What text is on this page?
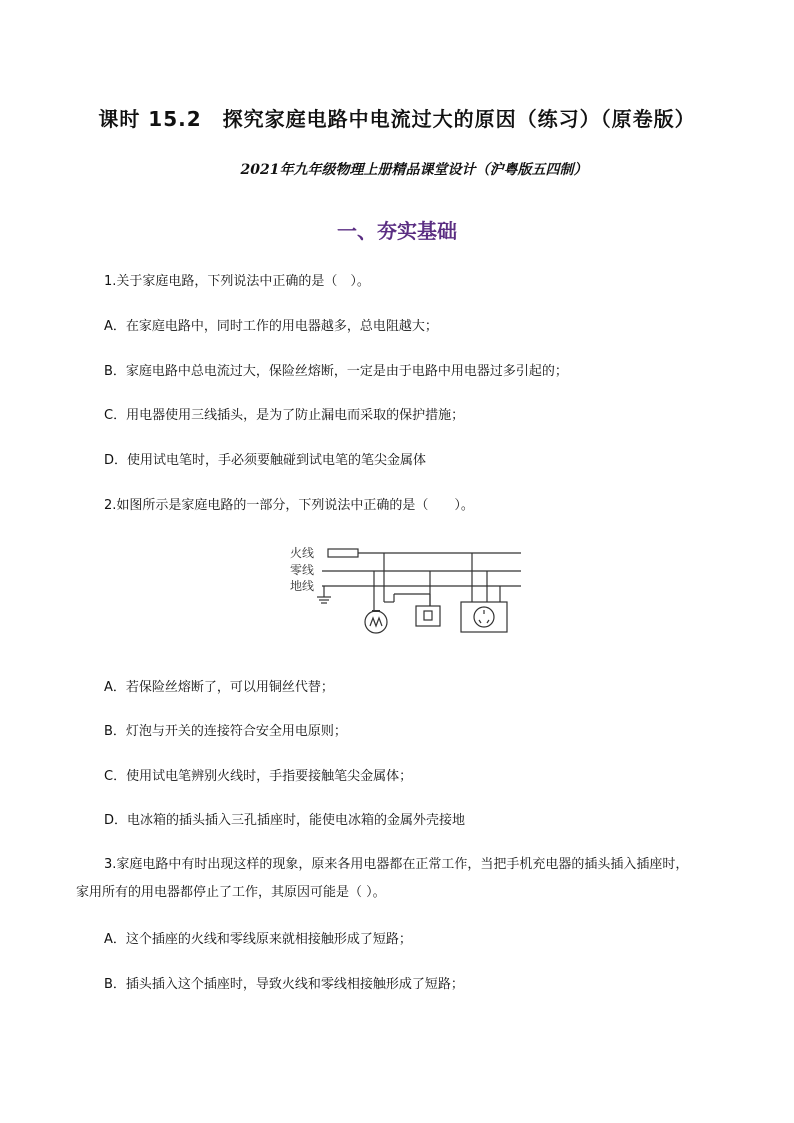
课时 15.2　探究家庭电路中电流过大的原因（练习）（原卷版）
2021年九年级物理上册精品课堂设计（沪粤版五四制）
一、夯实基础
1.关于家庭电路，下列说法中正确的是（　）。
A．在家庭电路中，同时工作的用电器越多，总电阻越大；
B．家庭电路中总电流过大，保险丝熔断，一定是由于电路中用电器过多引起的；
C．用电器使用三线插头，是为了防止漏电而采取的保护措施；
D．使用试电笔时，手必须要触碰到试电笔的笔尖金属体
2.如图所示是家庭电路的一部分，下列说法中正确的是（　　）。
火线
零线
地线
A．若保险丝熔断了，可以用铜丝代替；
B．灯泡与开关的连接符合安全用电原则；
C．使用试电笔辨别火线时，手指要接触笔尖金属体；
D．电冰箱的插头插入三孔插座时，能使电冰箱的金属外壳接地
3.家庭电路中有时出现这样的现象，原来各用电器都在正常工作，当把手机充电器的插头插入插座时，
家用所有的用电器都停止了工作，其原因可能是（ ）。
A．这个插座的火线和零线原来就相接触形成了短路；
B．插头插入这个插座时，导致火线和零线相接触形成了短路；
